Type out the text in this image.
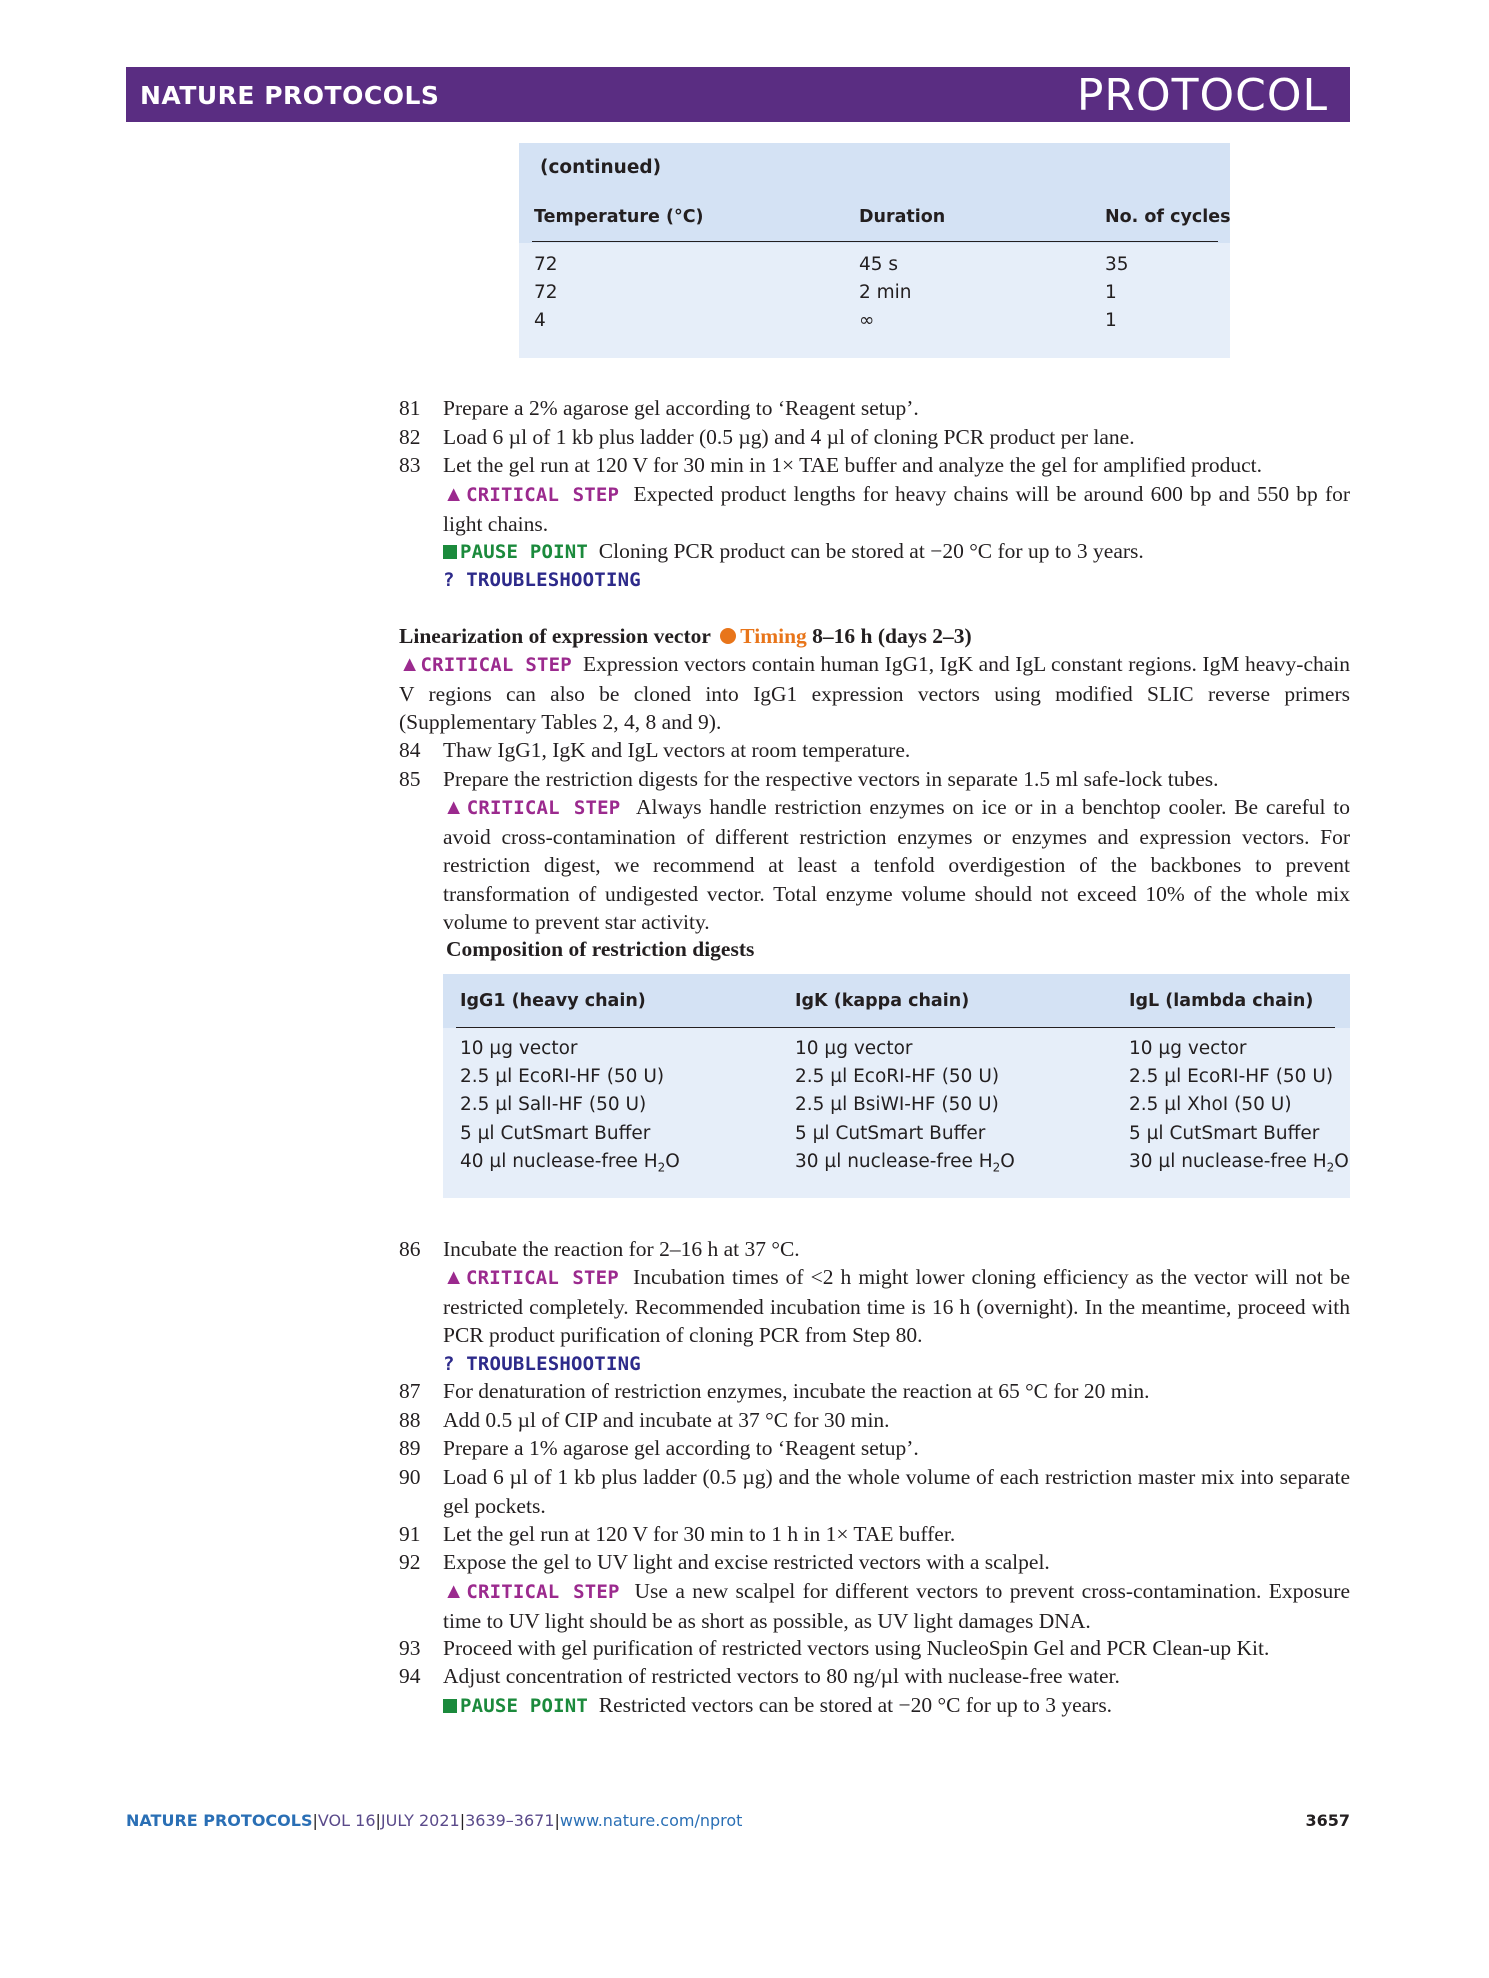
NATURE PROTOCOLS	PROTOCOL
(continued)
Temperature (°C)	Duration	No. of cycles
72	45 s	35
72	2 min	1
4	∞	1
81 Prepare a 2% agarose gel according to ‘Reagent setup’.
82 Load 6 µl of 1 kb plus ladder (0.5 µg) and 4 µl of cloning PCR product per lane.
83 Let the gel run at 120 V for 30 min in 1× TAE buffer and analyze the gel for amplified product.
▲CRITICAL STEP Expected product lengths for heavy chains will be around 600 bp and 550 bp for light chains.
PAUSE POINT Cloning PCR product can be stored at −20 °C for up to 3 years.
? TROUBLESHOOTING
Linearization of expression vector Timing 8–16 h (days 2–3)
▲CRITICAL STEP Expression vectors contain human IgG1, IgK and IgL constant regions. IgM heavy-chain V regions can also be cloned into IgG1 expression vectors using modified SLIC reverse primers (Supplementary Tables 2, 4, 8 and 9).
84 Thaw IgG1, IgK and IgL vectors at room temperature.
85 Prepare the restriction digests for the respective vectors in separate 1.5 ml safe-lock tubes.
▲CRITICAL STEP Always handle restriction enzymes on ice or in a benchtop cooler. Be careful to avoid cross-contamination of different restriction enzymes or enzymes and expression vectors. For restriction digest, we recommend at least a tenfold overdigestion of the backbones to prevent transformation of undigested vector. Total enzyme volume should not exceed 10% of the whole mix volume to prevent star activity.
Composition of restriction digests
IgG1 (heavy chain)	IgK (kappa chain)	IgL (lambda chain)
10 µg vector	10 µg vector	10 µg vector
2.5 µl EcoRI-HF (50 U)	2.5 µl EcoRI-HF (50 U)	2.5 µl EcoRI-HF (50 U)
2.5 µl SalI-HF (50 U)	2.5 µl BsiWI-HF (50 U)	2.5 µl XhoI (50 U)
5 µl CutSmart Buffer	5 µl CutSmart Buffer	5 µl CutSmart Buffer
40 µl nuclease-free $H_2O$	30 µl nuclease-free $H_2O$	30 µl nuclease-free $H_2O$
86 Incubate the reaction for 2–16 h at 37 °C.
▲CRITICAL STEP Incubation times of <2 h might lower cloning efficiency as the vector will not be restricted completely. Recommended incubation time is 16 h (overnight). In the meantime, proceed with PCR product purification of cloning PCR from Step 80.
? TROUBLESHOOTING
87 For denaturation of restriction enzymes, incubate the reaction at 65 °C for 20 min.
88 Add 0.5 µl of CIP and incubate at 37 °C for 30 min.
89 Prepare a 1% agarose gel according to ‘Reagent setup’.
90 Load 6 µl of 1 kb plus ladder (0.5 µg) and the whole volume of each restriction master mix into separate gel pockets.
91 Let the gel run at 120 V for 30 min to 1 h in 1× TAE buffer.
92 Expose the gel to UV light and excise restricted vectors with a scalpel.
▲CRITICAL STEP Use a new scalpel for different vectors to prevent cross-contamination. Exposure time to UV light should be as short as possible, as UV light damages DNA.
93 Proceed with gel purification of restricted vectors using NucleoSpin Gel and PCR Clean-up Kit.
94 Adjust concentration of restricted vectors to 80 ng/µl with nuclease-free water.
PAUSE POINT Restricted vectors can be stored at −20 °C for up to 3 years.
NATURE PROTOCOLS|VOL 16|JULY 2021|3639–3671|www.nature.com/nprot	3657
